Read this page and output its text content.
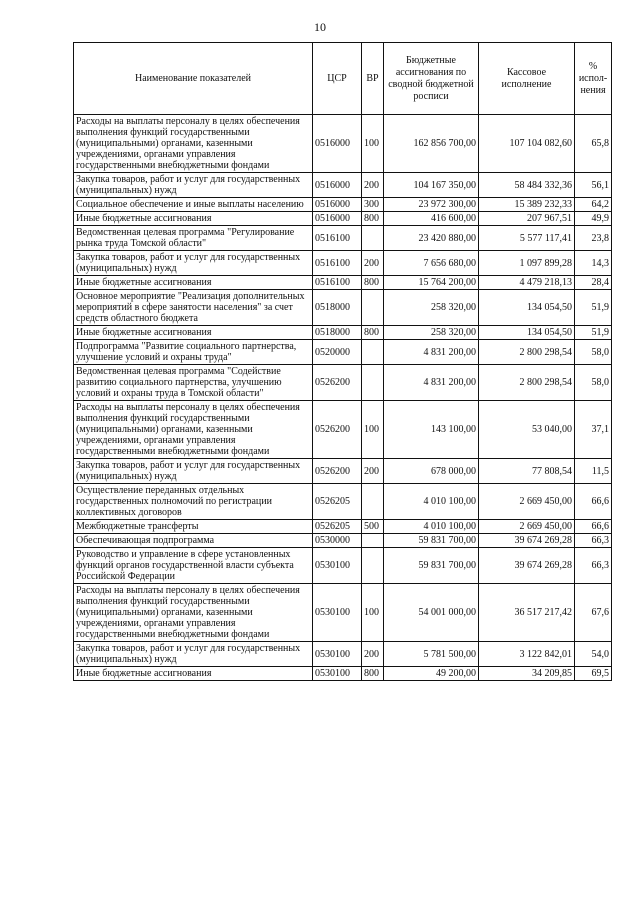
10
Наименование показателей	ЦСР	ВР	Бюджетные ассигнования по сводной бюджетной росписи	Кассовое исполнение	% испол-нения
Расходы на выплаты персоналу в целях обеспечения выполнения функций государственными (муниципальными) органами, казенными учреждениями, органами управления государственными внебюджетными фондами	0516000	100	162 856 700,00	107 104 082,60	65,8
Закупка товаров, работ и услуг для государственных (муниципальных) нужд	0516000	200	104 167 350,00	58 484 332,36	56,1
Социальное обеспечение и иные выплаты населению	0516000	300	23 972 300,00	15 389 232,33	64,2
Иные бюджетные ассигнования	0516000	800	416 600,00	207 967,51	49,9
Ведомственная целевая программа "Регулирование рынка труда Томской области"	0516100		23 420 880,00	5 577 117,41	23,8
Закупка товаров, работ и услуг для государственных (муниципальных) нужд	0516100	200	7 656 680,00	1 097 899,28	14,3
Иные бюджетные ассигнования	0516100	800	15 764 200,00	4 479 218,13	28,4
Основное мероприятие "Реализация дополнительных мероприятий в сфере занятости населения" за счет средств областного бюджета	0518000		258 320,00	134 054,50	51,9
Иные бюджетные ассигнования	0518000	800	258 320,00	134 054,50	51,9
Подпрограмма "Развитие социального партнерства, улучшение условий и охраны труда"	0520000		4 831 200,00	2 800 298,54	58,0
Ведомственная целевая программа "Содействие развитию социального партнерства, улучшению условий и охраны труда в Томской области"	0526200		4 831 200,00	2 800 298,54	58,0
Расходы на выплаты персоналу в целях обеспечения выполнения функций государственными (муниципальными) органами, казенными учреждениями, органами управления государственными внебюджетными фондами	0526200	100	143 100,00	53 040,00	37,1
Закупка товаров, работ и услуг для государственных (муниципальных) нужд	0526200	200	678 000,00	77 808,54	11,5
Осуществление переданных отдельных государственных полномочий по регистрации коллективных договоров	0526205		4 010 100,00	2 669 450,00	66,6
Межбюджетные трансферты	0526205	500	4 010 100,00	2 669 450,00	66,6
Обеспечивающая подпрограмма	0530000		59 831 700,00	39 674 269,28	66,3
Руководство и управление в сфере установленных функций органов государственной власти субъекта Российской Федерации	0530100		59 831 700,00	39 674 269,28	66,3
Расходы на выплаты персоналу в целях обеспечения выполнения функций государственными (муниципальными) органами, казенными учреждениями, органами управления государственными внебюджетными фондами	0530100	100	54 001 000,00	36 517 217,42	67,6
Закупка товаров, работ и услуг для государственных (муниципальных) нужд	0530100	200	5 781 500,00	3 122 842,01	54,0
Иные бюджетные ассигнования	0530100	800	49 200,00	34 209,85	69,5
